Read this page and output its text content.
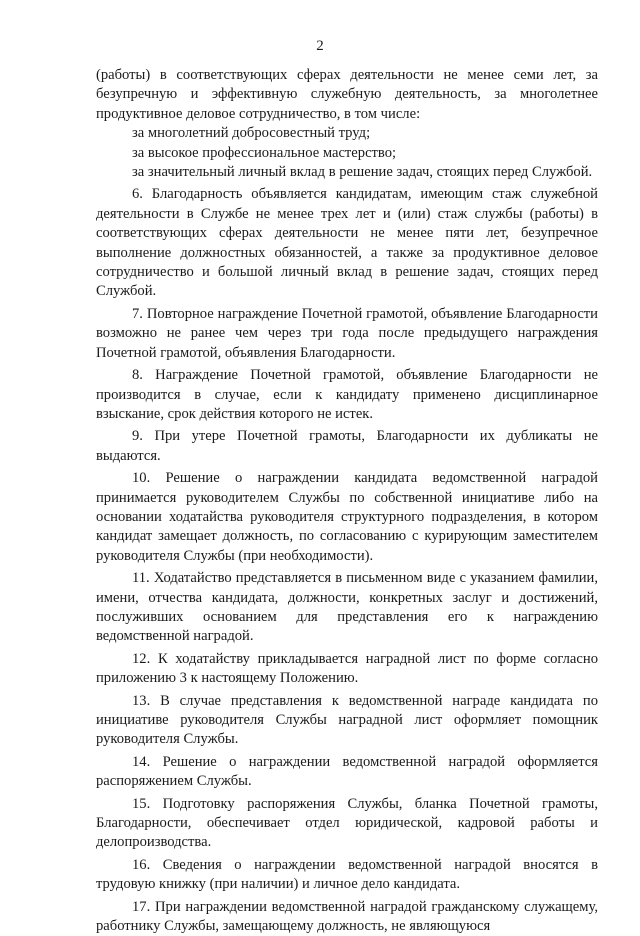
2

(работы) в соответствующих сферах деятельности не менее семи лет, за безупречную и эффективную служебную деятельность, за многолетнее продуктивное деловое сотрудничество, в том числе:

за многолетний добросовестный труд;

за высокое профессиональное мастерство;

за значительный личный вклад в решение задач, стоящих перед Службой.

6. Благодарность объявляется кандидатам, имеющим стаж служебной деятельности в Службе не менее трех лет и (или) стаж службы (работы) в соответствующих сферах деятельности не менее пяти лет, безупречное выполнение должностных обязанностей, а также за продуктивное деловое сотрудничество и большой личный вклад в решение задач, стоящих перед Службой.

7. Повторное награждение Почетной грамотой, объявление Благодарности возможно не ранее чем через три года после предыдущего награждения Почетной грамотой, объявления Благодарности.

8. Награждение Почетной грамотой, объявление Благодарности не производится в случае, если к кандидату применено дисциплинарное взыскание, срок действия которого не истек.

9. При утере Почетной грамоты, Благодарности их дубликаты не выдаются.

10. Решение о награждении кандидата ведомственной наградой принимается руководителем Службы по собственной инициативе либо на основании ходатайства руководителя структурного подразделения, в котором кандидат замещает должность, по согласованию с курирующим заместителем руководителя Службы (при необходимости).

11. Ходатайство представляется в письменном виде с указанием фамилии, имени, отчества кандидата, должности, конкретных заслуг и достижений, послуживших основанием для представления его к награждению ведомственной наградой.

12. К ходатайству прикладывается наградной лист по форме согласно приложению 3 к настоящему Положению.

13. В случае представления к ведомственной награде кандидата по инициативе руководителя Службы наградной лист оформляет помощник руководителя Службы.

14. Решение о награждении ведомственной наградой оформляется распоряжением Службы.

15. Подготовку распоряжения Службы, бланка Почетной грамоты, Благодарности, обеспечивает отдел юридической, кадровой работы и делопроизводства.

16. Сведения о награждении ведомственной наградой вносятся в трудовую книжку (при наличии) и личное дело кандидата.

17. При награждении ведомственной наградой гражданскому служащему, работнику Службы, замещающему должность, не являющуюся
